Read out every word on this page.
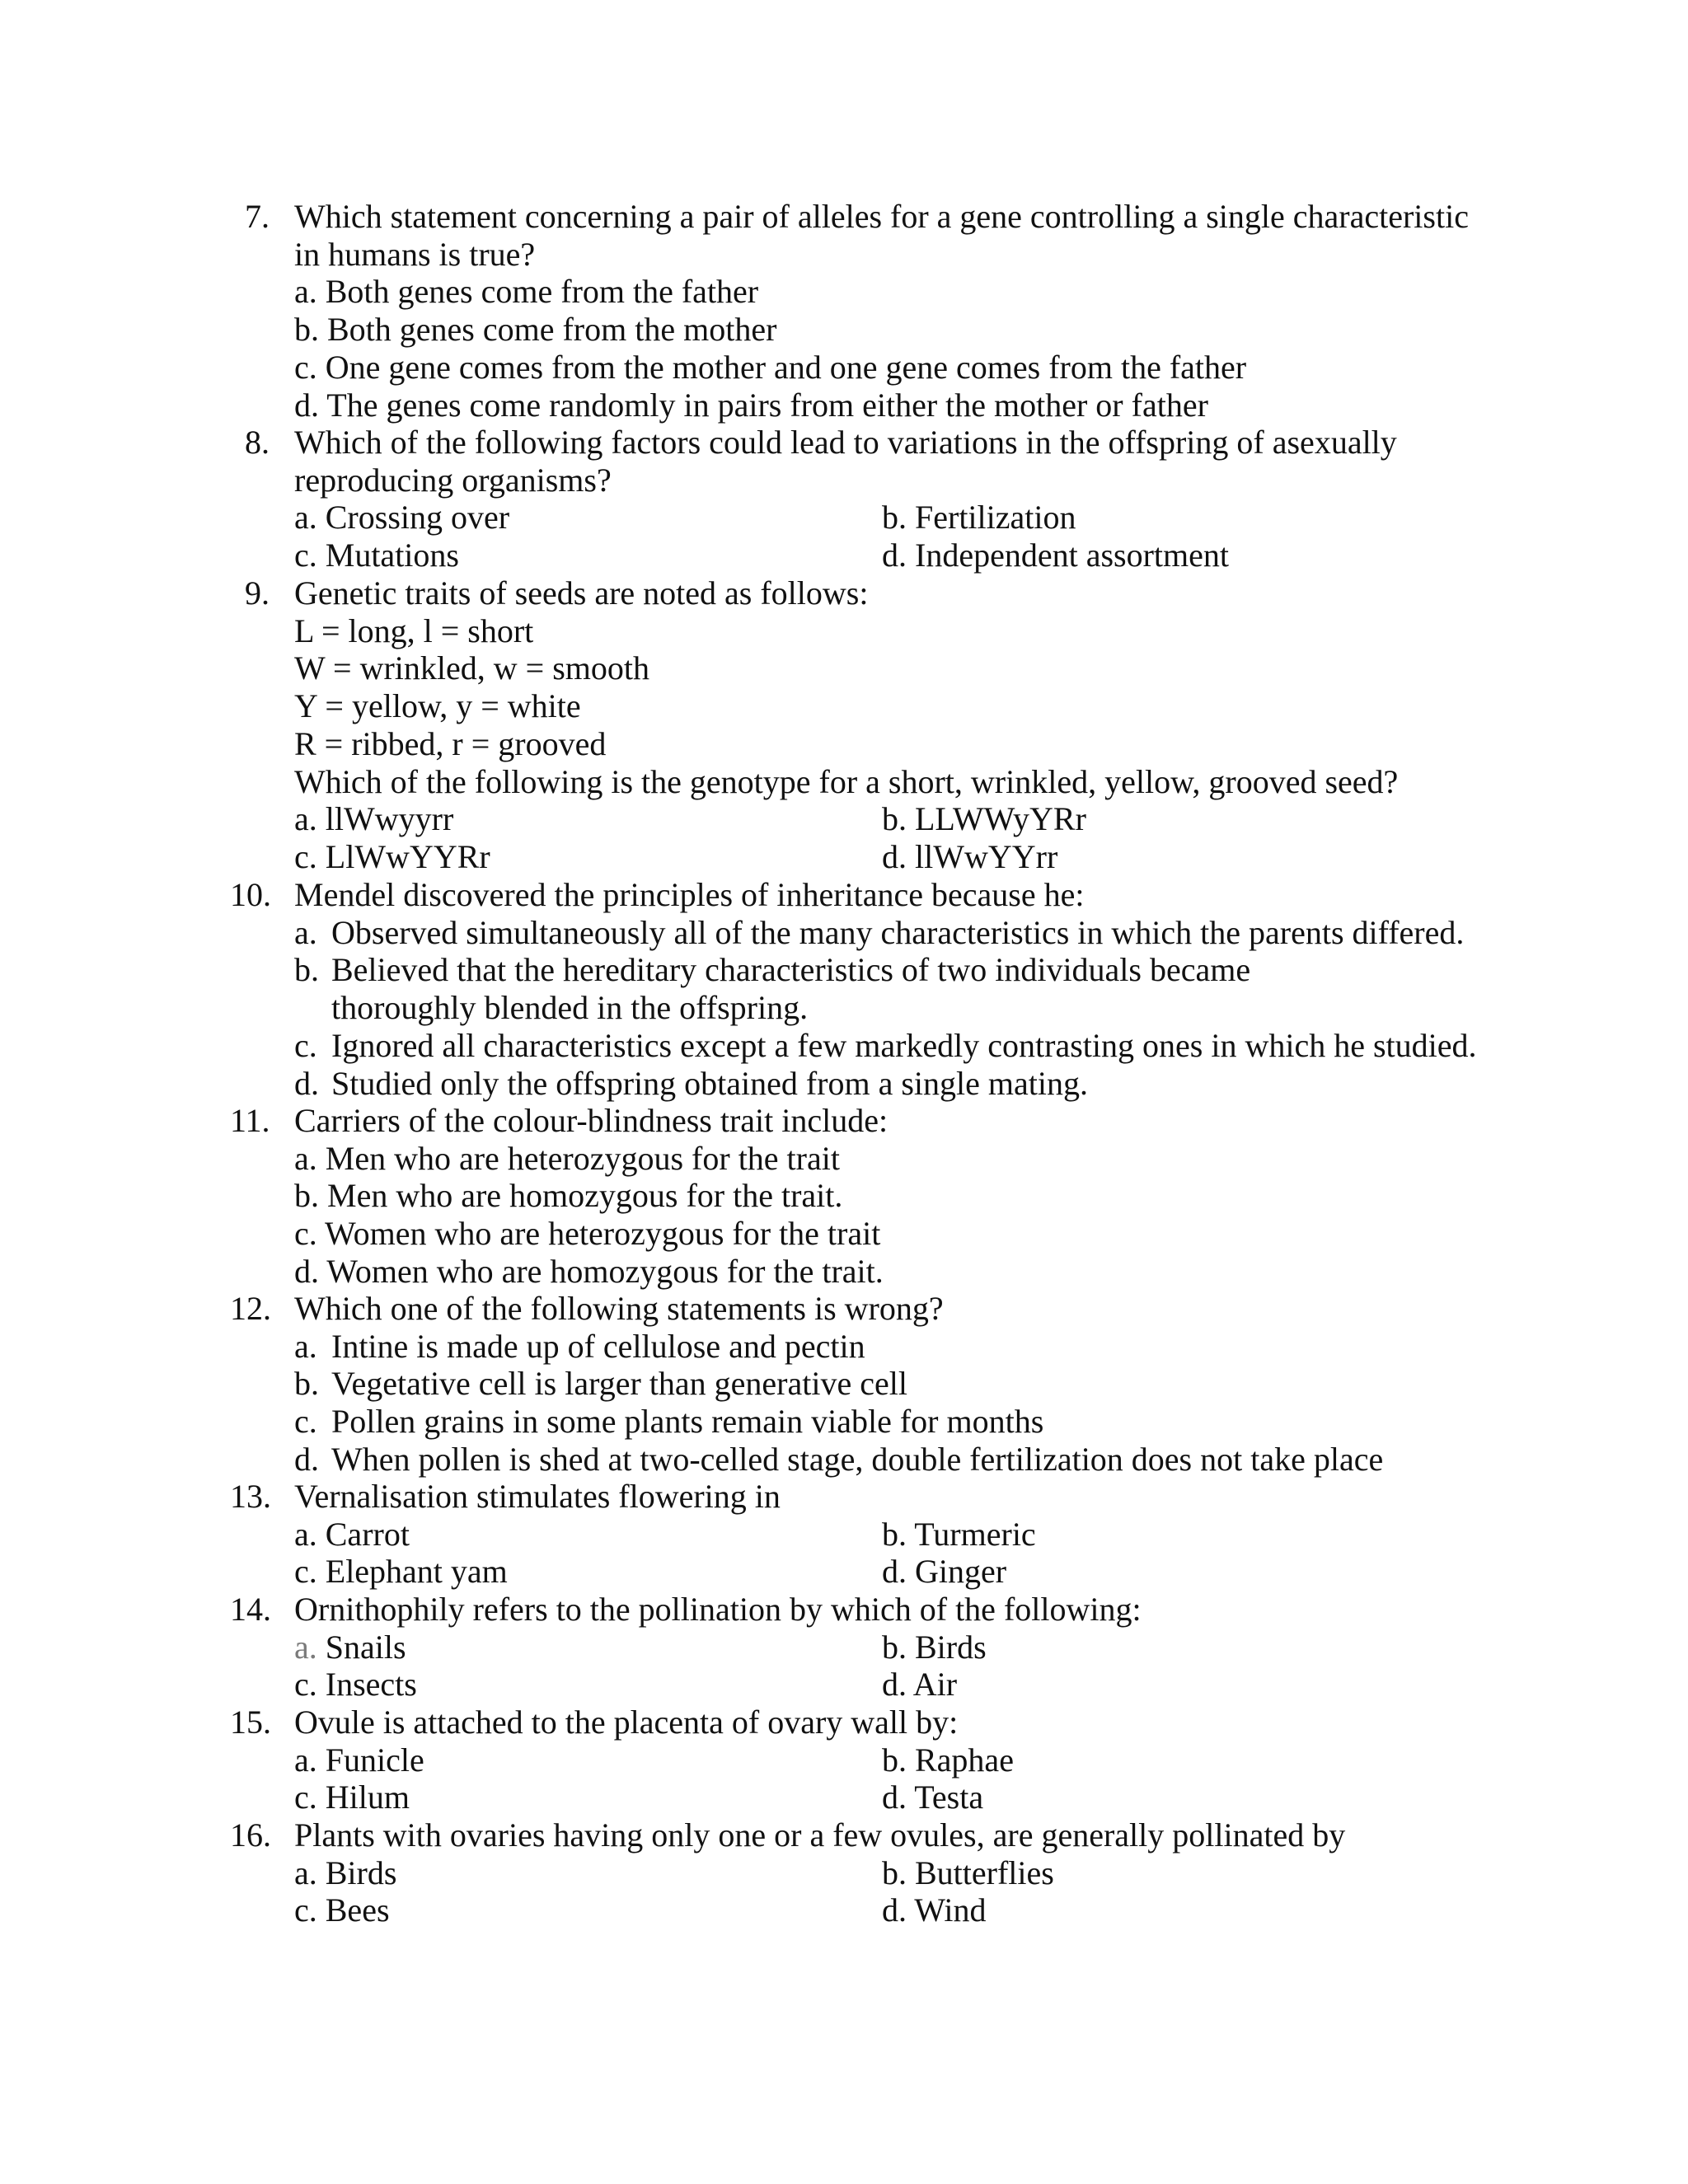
7. Which statement concerning a pair of alleles for a gene controlling a single characteristic in humans is true?
a. Both genes come from the father
b. Both genes come from the mother
c. One gene comes from the mother and one gene comes from the father
d. The genes come randomly in pairs from either the mother or father
8. Which of the following factors could lead to variations in the offspring of asexually reproducing organisms?
a. Crossing over	b. Fertilization
c. Mutations	d. Independent assortment
9. Genetic traits of seeds are noted as follows:
L = long, l = short
W = wrinkled, w = smooth
Y = yellow, y = white
R = ribbed, r = grooved
Which of the following is the genotype for a short, wrinkled, yellow, grooved seed?
a. llWwyyrr	b. LLWWyYRr
c. LlWwYYRr	d. llWwYYrr
10. Mendel discovered the principles of inheritance because he:
a. Observed simultaneously all of the many characteristics in which the parents differed.
b. Believed that the hereditary characteristics of two individuals became thoroughly blended in the offspring.
c. Ignored all characteristics except a few markedly contrasting ones in which he studied.
d. Studied only the offspring obtained from a single mating.
11. Carriers of the colour-blindness trait include:
a. Men who are heterozygous for the trait
b. Men who are homozygous for the trait.
c. Women who are heterozygous for the trait
d. Women who are homozygous for the trait.
12. Which one of the following statements is wrong?
a. Intine is made up of cellulose and pectin
b. Vegetative cell is larger than generative cell
c. Pollen grains in some plants remain viable for months
d. When pollen is shed at two-celled stage, double fertilization does not take place
13. Vernalisation stimulates flowering in
a. Carrot	b. Turmeric
c. Elephant yam	d. Ginger
14. Ornithophily refers to the pollination by which of the following:
a. Snails	b. Birds
c. Insects	d. Air
15. Ovule is attached to the placenta of ovary wall by:
a. Funicle	b. Raphae
c. Hilum	d. Testa
16. Plants with ovaries having only one or a few ovules, are generally pollinated by
a. Birds	b. Butterflies
c. Bees	d. Wind
